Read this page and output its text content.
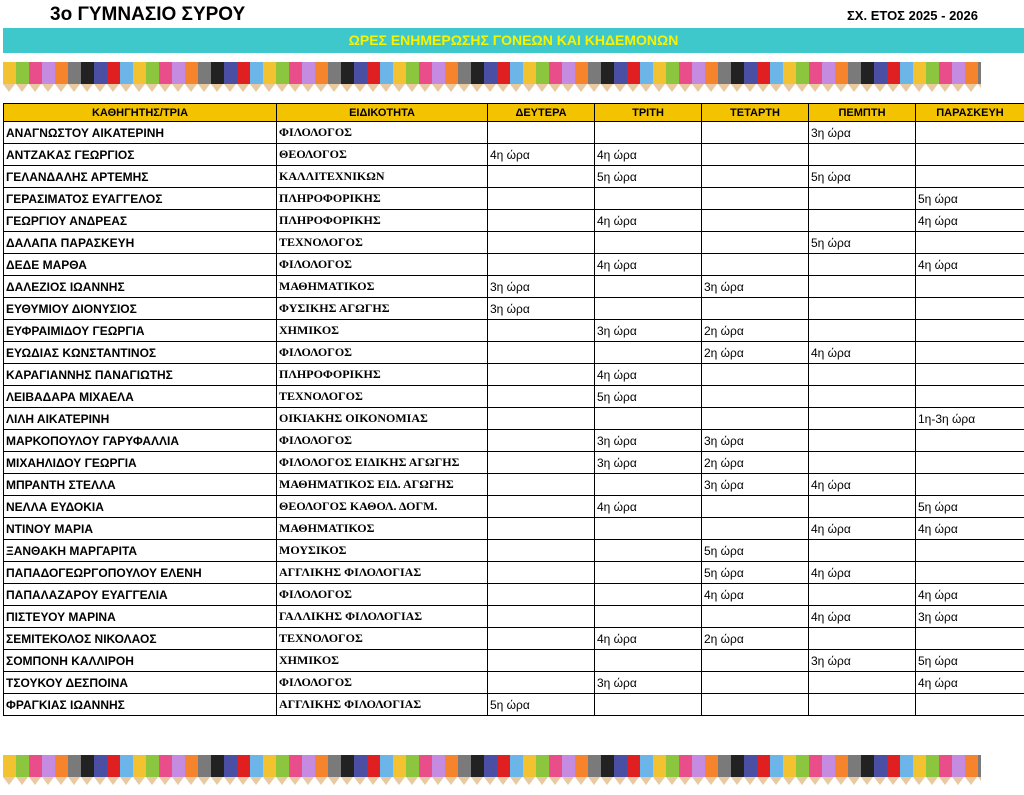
3ο ΓΥΜΝΑΣΙΟ ΣΥΡΟΥ	ΣΧ. ΕΤΟΣ 2025 - 2026
ΩΡΕΣ ΕΝΗΜΕΡΩΣΗΣ ΓΟΝΕΩΝ ΚΑΙ ΚΗΔΕΜΟΝΩΝ
ΚΑΘΗΓΗΤΗΣ/ΤΡΙΑ	ΕΙΔΙΚΟΤΗΤΑ	ΔΕΥΤΕΡΑ	ΤΡΙΤΗ	ΤΕΤΑΡΤΗ	ΠΕΜΠΤΗ	ΠΑΡΑΣΚΕΥΗ
ΑΝΑΓΝΩΣΤΟΥ ΑΙΚΑΤΕΡΙΝΗ	ΦΙΛΟΛΟΓΟΣ				3η ώρα	
ΑΝΤΖΑΚΑΣ ΓΕΩΡΓΙΟΣ	ΘΕΟΛΟΓΟΣ	4η ώρα	4η ώρα			
ΓΕΛΑΝΔΑΛΗΣ ΑΡΤΕΜΗΣ	ΚΑΛΛΙΤΕΧΝΙΚΩΝ		5η ώρα		5η ώρα	
ΓΕΡΑΣΙΜΑΤΟΣ ΕΥΑΓΓΕΛΟΣ	ΠΛΗΡΟΦΟΡΙΚΗΣ					5η ώρα
ΓΕΩΡΓΙΟΥ ΑΝΔΡΕΑΣ	ΠΛΗΡΟΦΟΡΙΚΗΣ		4η ώρα			4η ώρα
ΔΑΛΑΠΑ ΠΑΡΑΣΚΕΥΗ	ΤΕΧΝΟΛΟΓΟΣ				5η ώρα	
ΔΕΔΕ ΜΑΡΘΑ	ΦΙΛΟΛΟΓΟΣ		4η ώρα			4η ώρα
ΔΑΛΕΖΙΟΣ ΙΩΑΝΝΗΣ	ΜΑΘΗΜΑΤΙΚΟΣ	3η ώρα		3η ώρα		
ΕΥΘΥΜΙΟΥ ΔΙΟΝΥΣΙΟΣ	ΦΥΣΙΚΗΣ ΑΓΩΓΗΣ	3η ώρα				
ΕΥΦΡΑΙΜΙΔΟΥ ΓΕΩΡΓΙΑ	ΧΗΜΙΚΟΣ		3η ώρα	2η ώρα		
ΕΥΩΔΙΑΣ ΚΩΝΣΤΑΝΤΙΝΟΣ	ΦΙΛΟΛΟΓΟΣ			2η ώρα	4η ώρα	
ΚΑΡΑΓΙΑΝΝΗΣ ΠΑΝΑΓΙΩΤΗΣ	ΠΛΗΡΟΦΟΡΙΚΗΣ		4η ώρα			
ΛΕΙΒΑΔΑΡΑ ΜΙΧΑΕΛΑ	ΤΕΧΝΟΛΟΓΟΣ		5η ώρα			
ΛΙΛΗ ΑΙΚΑΤΕΡΙΝΗ	ΟΙΚΙΑΚΗΣ ΟΙΚΟΝΟΜΙΑΣ					1η-3η ώρα
ΜΑΡΚΟΠΟΥΛΟΥ ΓΑΡΥΦΑΛΛΙΑ	ΦΙΛΟΛΟΓΟΣ		3η ώρα	3η ώρα		
ΜΙΧΑΗΛΙΔΟΥ ΓΕΩΡΓΙΑ	ΦΙΛΟΛΟΓΟΣ ΕΙΔΙΚΗΣ ΑΓΩΓΗΣ		3η ώρα	2η ώρα		
ΜΠΡΑΝΤΗ ΣΤΕΛΛΑ	ΜΑΘΗΜΑΤΙΚΟΣ ΕΙΔ. ΑΓΩΓΗΣ			3η ώρα	4η ώρα	
ΝΕΛΛΑ ΕΥΔΟΚΙΑ	ΘΕΟΛΟΓΟΣ ΚΑΘΟΛ. ΔΟΓΜ.		4η ώρα			5η ώρα
ΝΤΙΝΟΥ ΜΑΡΙΑ	ΜΑΘΗΜΑΤΙΚΟΣ				4η ώρα	4η ώρα
ΞΑΝΘΑΚΗ ΜΑΡΓΑΡΙΤΑ	ΜΟΥΣΙΚΟΣ			5η ώρα		
ΠΑΠΑΔΟΓΕΩΡΓΟΠΟΥΛΟΥ ΕΛΕΝΗ	ΑΓΓΛΙΚΗΣ ΦΙΛΟΛΟΓΙΑΣ			5η ώρα	4η ώρα	
ΠΑΠΑΛΑΖΑΡΟΥ ΕΥΑΓΓΕΛΙΑ	ΦΙΛΟΛΟΓΟΣ			4η ώρα		4η ώρα
ΠΙΣΤΕΥΟΥ ΜΑΡΙΝΑ	ΓΑΛΛΙΚΗΣ ΦΙΛΟΛΟΓΙΑΣ				4η ώρα	3η ώρα
ΣΕΜΙΤΕΚΟΛΟΣ ΝΙΚΟΛΑΟΣ	ΤΕΧΝΟΛΟΓΟΣ		4η ώρα	2η ώρα		
ΣΟΜΠΟΝΗ ΚΑΛΛΙΡΟΗ	ΧΗΜΙΚΟΣ				3η ώρα	5η ώρα
ΤΣΟΥΚΟΥ ΔΕΣΠΟΙΝΑ	ΦΙΛΟΛΟΓΟΣ		3η ώρα			4η ώρα
ΦΡΑΓΚΙΑΣ ΙΩΑΝΝΗΣ	ΑΓΓΛΙΚΗΣ ΦΙΛΟΛΟΓΙΑΣ	5η ώρα				
